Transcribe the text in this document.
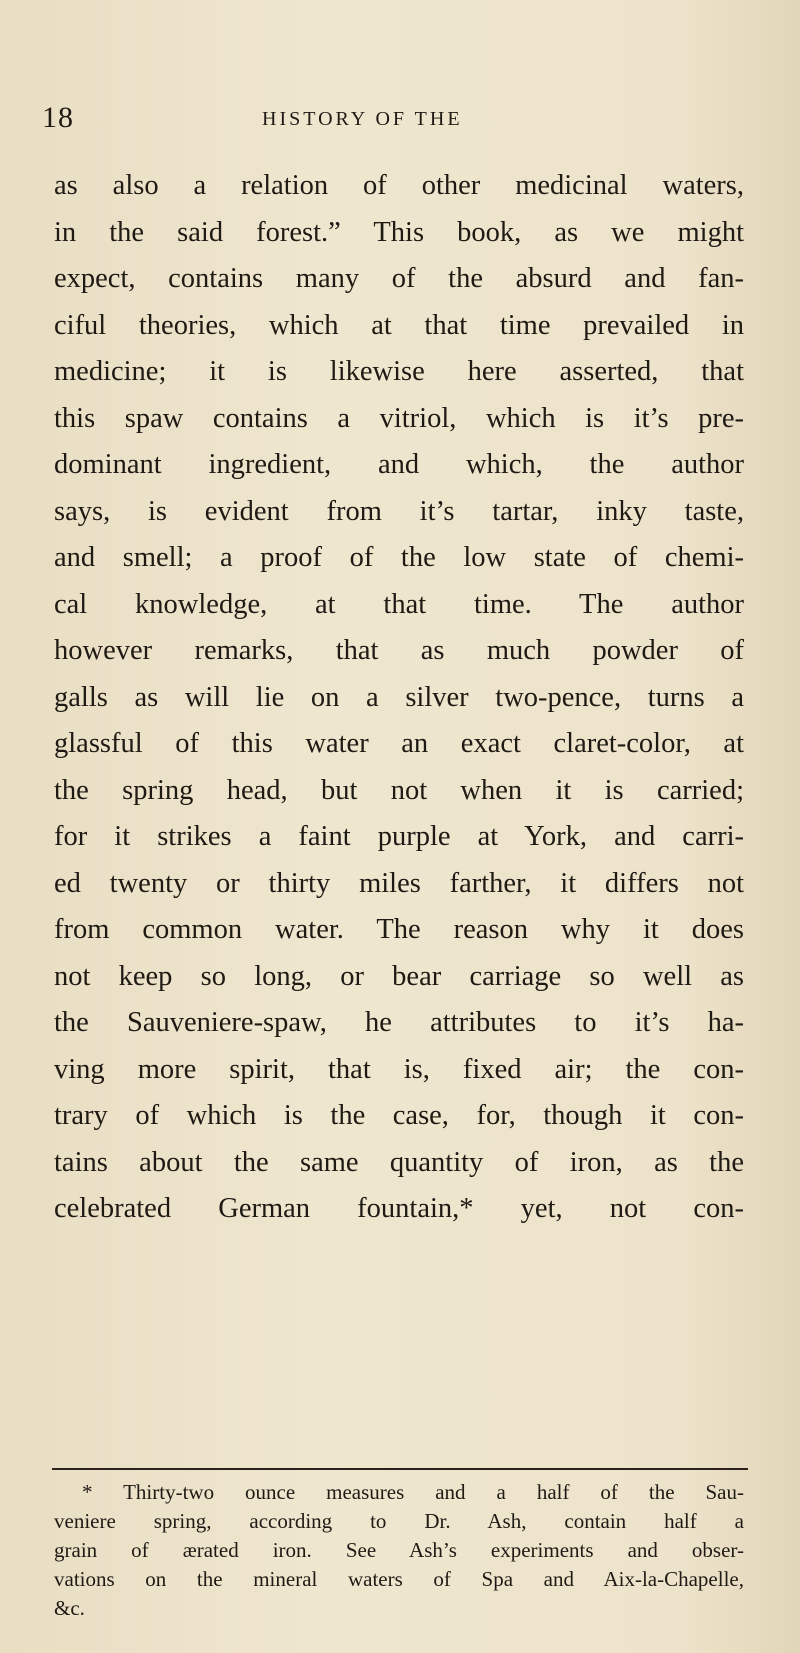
18	HISTORY OF THE
as also a relation of other medicinal waters,
in the said forest.” This book, as we might
expect, contains many of the absurd and fan-
ciful theories, which at that time prevailed in
medicine; it is likewise here asserted, that
this spaw contains a vitriol, which is it’s pre-
dominant ingredient, and which, the author
says, is evident from it’s tartar, inky taste,
and smell; a proof of the low state of chemi-
cal knowledge, at that time. The author
however remarks, that as much powder of
galls as will lie on a silver two-pence, turns a
glassful of this water an exact claret-color, at
the spring head, but not when it is carried;
for it strikes a faint purple at York, and carri-
ed twenty or thirty miles farther, it differs not
from common water. The reason why it does
not keep so long, or bear carriage so well as
the Sauveniere-spaw, he attributes to it’s ha-
ving more spirit, that is, fixed air; the con-
trary of which is the case, for, though it con-
tains about the same quantity of iron, as the
celebrated German fountain,* yet, not con-
* Thirty-two ounce measures and a half of the Sau-
veniere spring, according to Dr. Ash, contain half a
grain of ærated iron. See Ash’s experiments and obser-
vations on the mineral waters of Spa and Aix-la-Chapelle,
&c.
